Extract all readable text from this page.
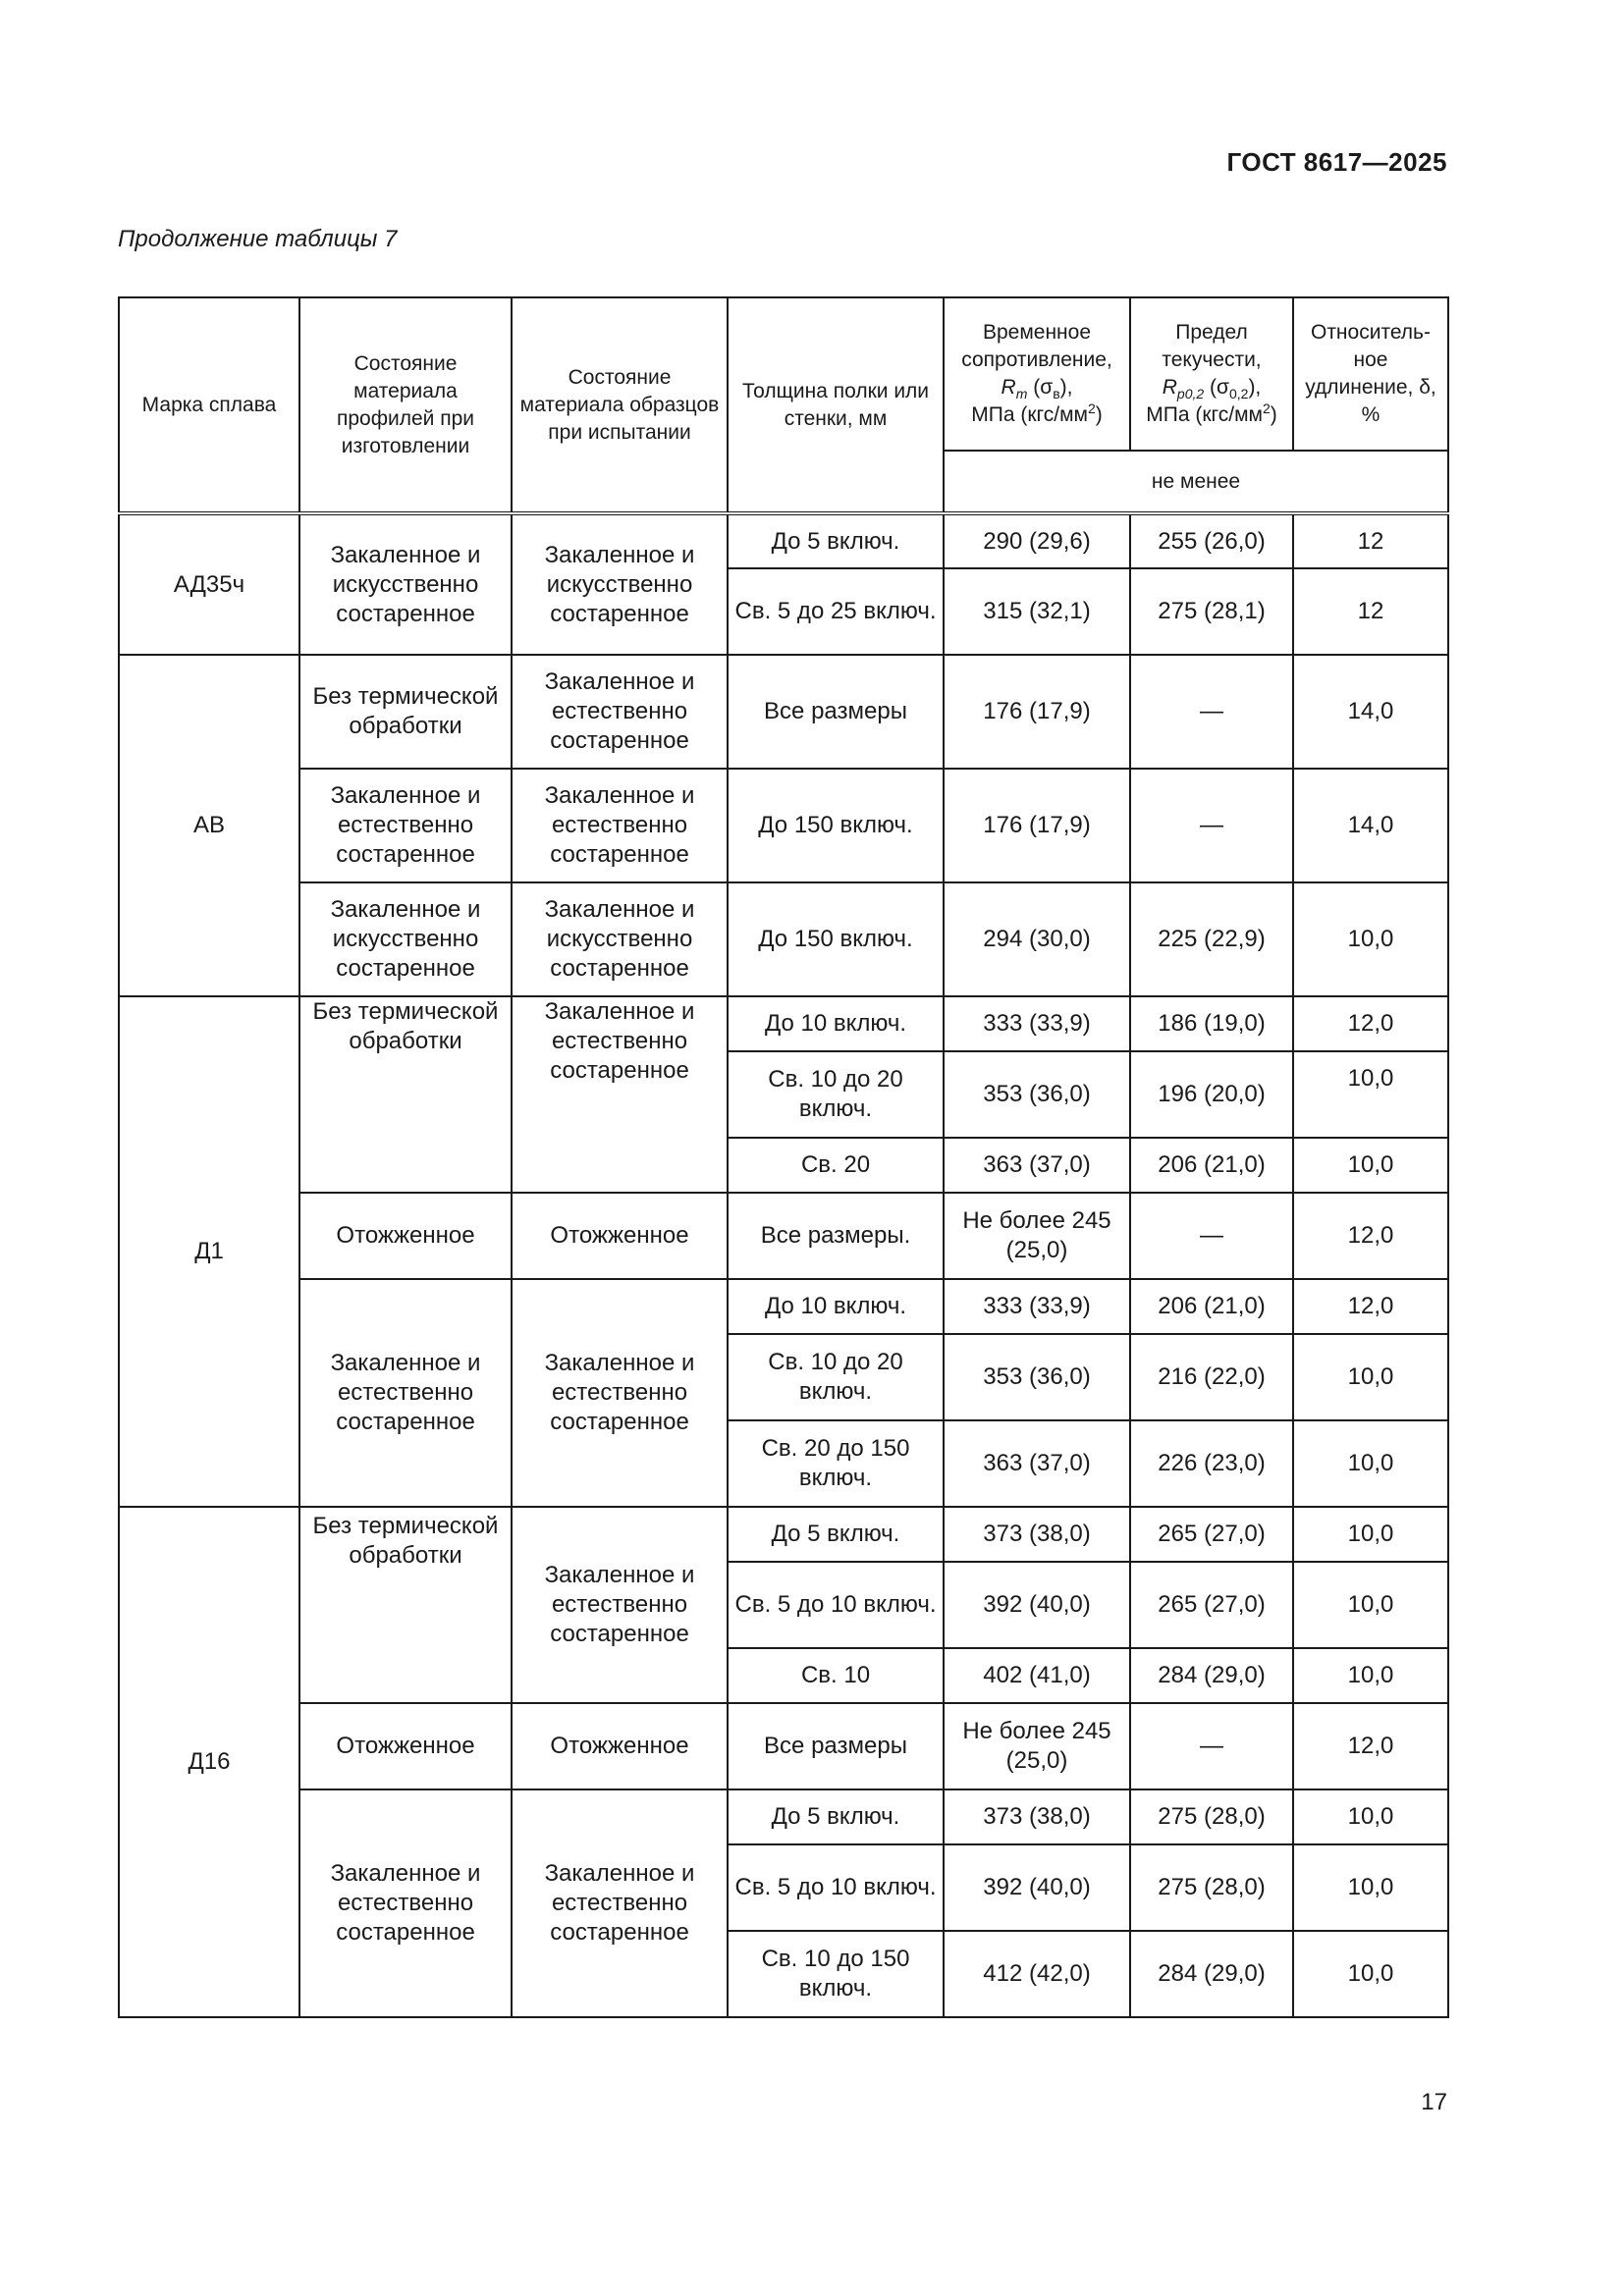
ГОСТ 8617—2025
Продолжение таблицы 7
Марка сплава	Состояние материала профилей при изготовлении	Состояние материала образцов при испытании	Толщина полки или стенки, мм	Временное сопротивление,
$R_m$ $(\sigma_в)$,
МПа $(кгс/мм^2)$	Предел текучести,
$R_{p0,2}$ $(\sigma_{0,2})$,
МПа $(кгс/мм^2)$	Относитель-ное удлинение, δ, %
				не менее		
АД35ч	Закаленное и искусственно состаренное	Закаленное и искусственно состаренное	До 5 включ.	290 (29,6)	255 (26,0)	12
			Св. 5 до 25 включ.	315 (32,1)	275 (28,1)	12
АВ	Без термической обработки	Закаленное и естественно состаренное	Все размеры	176 (17,9)	—	14,0
	Закаленное и естественно состаренное	Закаленное и естественно состаренное	До 150 включ.	176 (17,9)	—	14,0
	Закаленное и искусственно состаренное	Закаленное и искусственно состаренное	До 150 включ.	294 (30,0)	225 (22,9)	10,0
Д1	Без термической обработки	Закаленное и естественно состаренное	До 10 включ.	333 (33,9)	186 (19,0)	12,0
			Св. 10 до 20 включ.	353 (36,0)	196 (20,0)	10,0
			Св. 20	363 (37,0)	206 (21,0)	10,0
	Отожженное	Отожженное	Все размеры.	Не более 245 (25,0)	—	12,0
	Закаленное и естественно состаренное	Закаленное и естественно состаренное	До 10 включ.	333 (33,9)	206 (21,0)	12,0
			Св. 10 до 20 включ.	353 (36,0)	216 (22,0)	10,0
			Св. 20 до 150 включ.	363 (37,0)	226 (23,0)	10,0
Д16	Без термической обработки	Закаленное и естественно состаренное	До 5 включ.	373 (38,0)	265 (27,0)	10,0
			Св. 5 до 10 включ.	392 (40,0)	265 (27,0)	10,0
			Св. 10	402 (41,0)	284 (29,0)	10,0
	Отожженное	Отожженное	Все размеры	Не более 245 (25,0)	—	12,0
	Закаленное и естественно состаренное	Закаленное и естественно состаренное	До 5 включ.	373 (38,0)	275 (28,0)	10,0
			Св. 5 до 10 включ.	392 (40,0)	275 (28,0)	10,0
			Св. 10 до 150 включ.	412 (42,0)	284 (29,0)	10,0
17
